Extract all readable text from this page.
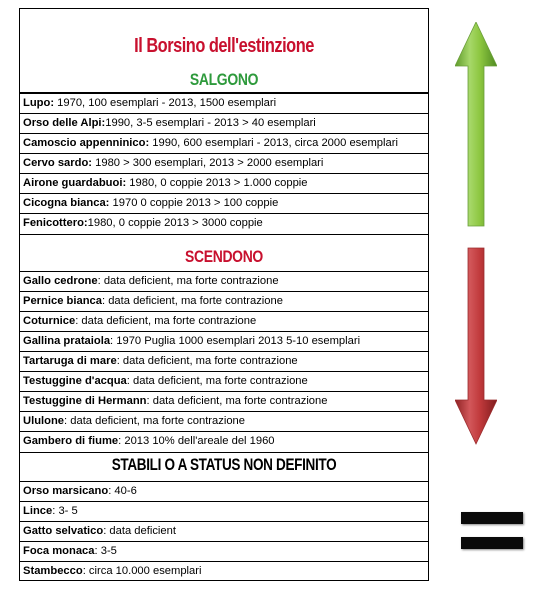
Il Borsino dell'estinzione
SALGONO
Lupo: 1970, 100 esemplari - 2013, 1500 esemplari
Orso delle Alpi:1990, 3-5 esemplari - 2013 > 40 esemplari
Camoscio appenninico: 1990, 600 esemplari - 2013, circa 2000 esemplari
Cervo sardo: 1980 > 300 esemplari, 2013 > 2000 esemplari
Airone guardabuoi: 1980, 0 coppie 2013 > 1.000 coppie
Cicogna bianca: 1970 0 coppie 2013 > 100 coppie
Fenicottero:1980, 0 coppie 2013 > 3000 coppie
SCENDONO
Gallo cedrone: data deficient, ma forte contrazione
Pernice bianca: data deficient, ma forte contrazione
Coturnice: data deficient, ma forte contrazione
Gallina prataiola: 1970 Puglia 1000 esemplari 2013 5-10 esemplari
Tartaruga di mare: data deficient, ma forte contrazione
Testuggine d'acqua: data deficient, ma forte contrazione
Testuggine di Hermann: data deficient, ma forte contrazione
Ululone: data deficient, ma forte contrazione
Gambero di fiume: 2013 10% dell'areale del 1960
STABILI O A STATUS NON DEFINITO
Orso marsicano: 40-6
Lince: 3- 5
Gatto selvatico: data deficient
Foca monaca: 3-5
Stambecco: circa 10.000 esemplari
